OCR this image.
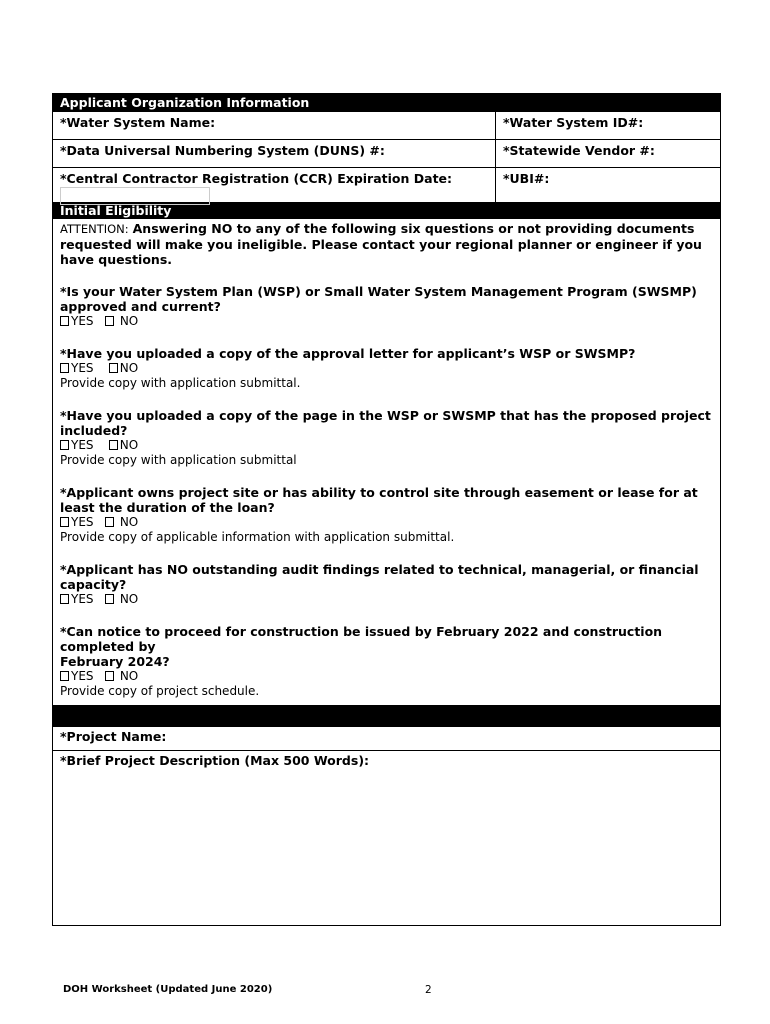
Applicant Organization Information
*Water System Name:	*Water System ID#:
*Data Universal Numbering System (DUNS) #:	*Statewide Vendor #:
*Central Contractor Registration (CCR) Expiration Date:	*UBI#:
Initial Eligibility
ATTENTION: Answering NO to any of the following six questions or not providing documents requested will make you ineligible. Please contact your regional planner or engineer if you have questions.
*Is your Water System Plan (WSP) or Small Water System Management Program (SWSMP) approved and current?
YES NO
*Have you uploaded a copy of the approval letter for applicant’s WSP or SWSMP?
YES NO
Provide copy with application submittal.
*Have you uploaded a copy of the page in the WSP or SWSMP that has the proposed project included?
YES NO
Provide copy with application submittal
*Applicant owns project site or has ability to control site through easement or lease for at least the duration of the loan?
YES NO
Provide copy of applicable information with application submittal.
*Applicant has NO outstanding audit findings related to technical, managerial, or financial capacity?
YES NO
*Can notice to proceed for construction be issued by February 2022 and construction completed by
February 2024?
YES NO
Provide copy of project schedule.
*Project Name:
*Brief Project Description (Max 500 Words):
DOH Worksheet (Updated June 2020)	2
